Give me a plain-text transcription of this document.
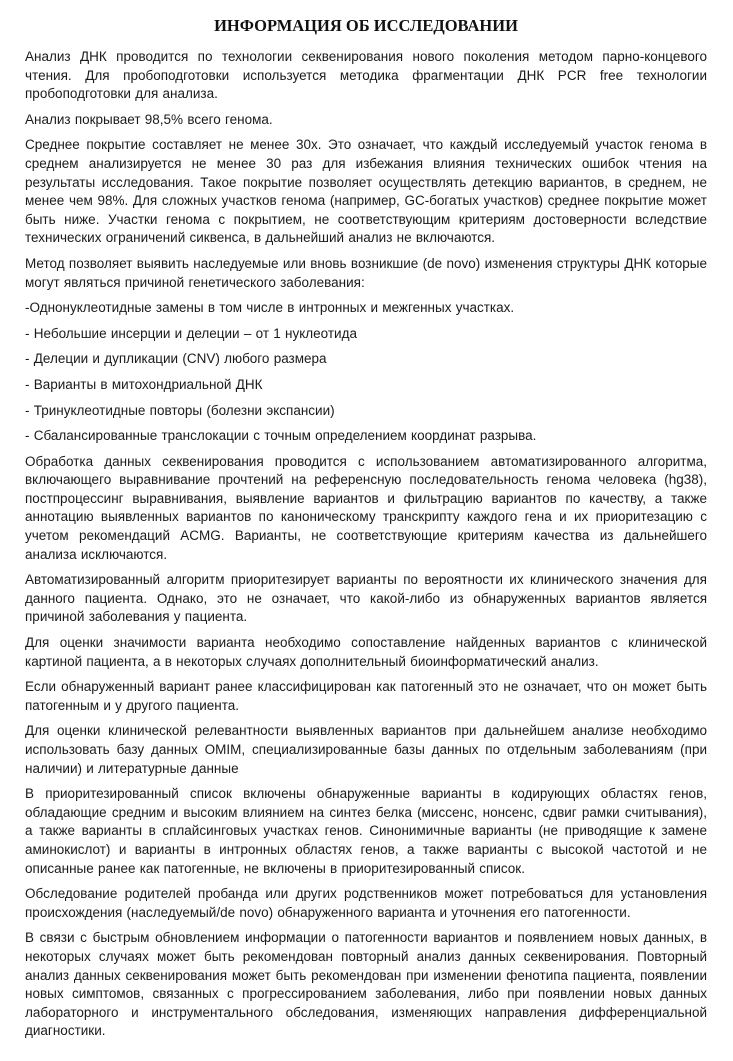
ИНФОРМАЦИЯ ОБ ИССЛЕДОВАНИИ

Анализ ДНК проводится по технологии секвенирования нового поколения методом парно-концевого чтения. Для пробоподготовки используется методика фрагментации ДНК PCR free технологии пробоподготовки для анализа.

Анализ покрывает 98,5% всего генома.

Среднее покрытие составляет не менее 30x. Это означает, что каждый исследуемый участок генома в среднем анализируется не менее 30 раз для избежания влияния технических ошибок чтения на результаты исследования. Такое покрытие позволяет осуществлять детекцию вариантов, в среднем, не менее чем 98%. Для сложных участков генома (например, GC-богатых участков) среднее покрытие может быть ниже. Участки генома с покрытием, не соответствующим критериям достоверности вследствие технических ограничений сиквенса, в дальнейший анализ не включаются.

Метод позволяет выявить наследуемые или вновь возникшие (de novo) изменения структуры ДНК которые могут являться причиной генетического заболевания:

-Однонуклеотидные замены в том числе в интронных и межгенных участках.

- Небольшие инсерции и делеции – от 1 нуклеотида

- Делеции и дупликации (CNV) любого размера

- Варианты в митохондриальной ДНК

- Тринуклеотидные повторы (болезни экспансии)

- Сбалансированные транслокации с точным определением координат разрыва.

Обработка данных секвенирования проводится с использованием автоматизированного алгоритма, включающего выравнивание прочтений на референсную последовательность генома человека (hg38), постпроцессинг выравнивания, выявление вариантов и фильтрацию вариантов по качеству, а также аннотацию выявленных вариантов по каноническому транскрипту каждого гена и их приоритезацию с учетом рекомендаций ACMG. Варианты, не соответствующие критериям качества из дальнейшего анализа исключаются.

Автоматизированный алгоритм приоритезирует варианты по вероятности их клинического значения для данного пациента. Однако, это не означает, что какой-либо из обнаруженных вариантов является причиной заболевания у пациента.

Для оценки значимости варианта необходимо сопоставление найденных вариантов с клинической картиной пациента, а в некоторых случаях дополнительный биоинформатический анализ.

Если обнаруженный вариант ранее классифицирован как патогенный это не означает, что он может быть патогенным и у другого пациента.

Для оценки клинической релевантности выявленных вариантов при дальнейшем анализе необходимо использовать базу данных OMIM, специализированные базы данных по отдельным заболеваниям (при наличии) и литературные данные

В приоритезированный список включены обнаруженные варианты в кодирующих областях генов, обладающие средним и высоким влиянием на синтез белка (миссенс, нонсенс, сдвиг рамки считывания), а также варианты в сплайсинговых участках генов. Синонимичные варианты (не приводящие к замене аминокислот) и варианты в интронных областях генов, а также варианты с высокой частотой и не описанные ранее как патогенные, не включены в приоритезированный список.

Обследование родителей пробанда или других родственников может потребоваться для установления происхождения (наследуемый/de novo) обнаруженного варианта и уточнения его патогенности.

В связи с быстрым обновлением информации о патогенности вариантов и появлением новых данных, в некоторых случаях может быть рекомендован повторный анализ данных секвенирования. Повторный анализ данных секвенирования может быть рекомендован при изменении фенотипа пациента, появлении новых симптомов, связанных с прогрессированием заболевания, либо при появлении новых данных лабораторного и инструментального обследования, изменяющих направления дифференциальной диагностики.
